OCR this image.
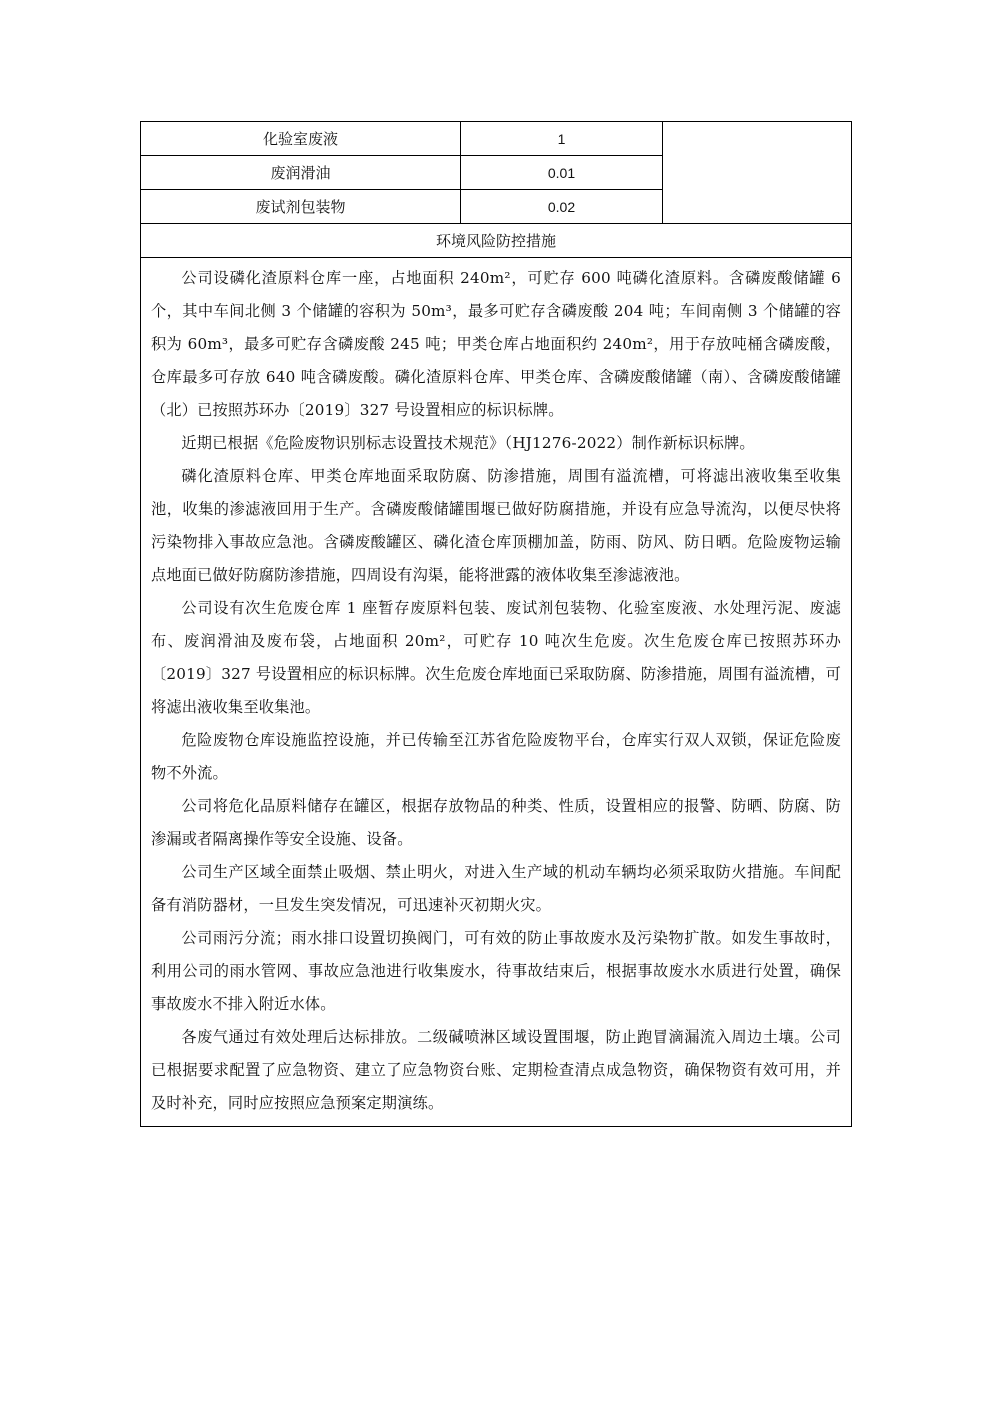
化验室废液	1
废润滑油	0.01
废试剂包装物	0.02
环境风险防控措施

公司设磷化渣原料仓库一座，占地面积 240m²，可贮存 600 吨磷化渣原料。含磷废酸储罐 6 个，其中车间北侧 3 个储罐的容积为 50m³，最多可贮存含磷废酸 204 吨；车间南侧 3 个储罐的容积为 60m³，最多可贮存含磷废酸 245 吨；甲类仓库占地面积约 240m²，用于存放吨桶含磷废酸，仓库最多可存放 640 吨含磷废酸。磷化渣原料仓库、甲类仓库、含磷废酸储罐（南）、含磷废酸储罐（北）已按照苏环办〔2019〕327 号设置相应的标识标牌。

近期已根据《危险废物识别标志设置技术规范》（HJ1276-2022）制作新标识标牌。

磷化渣原料仓库、甲类仓库地面采取防腐、防渗措施，周围有溢流槽，可将滤出液收集至收集池，收集的渗滤液回用于生产。含磷废酸储罐围堰已做好防腐措施，并设有应急导流沟，以便尽快将污染物排入事故应急池。含磷废酸罐区、磷化渣仓库顶棚加盖，防雨、防风、防日晒。危险废物运输点地面已做好防腐防渗措施，四周设有沟渠，能将泄露的液体收集至渗滤液池。

公司设有次生危废仓库 1 座暂存废原料包装、废试剂包装物、化验室废液、水处理污泥、废滤布、废润滑油及废布袋，占地面积 20m²，可贮存 10 吨次生危废。次生危废仓库已按照苏环办〔2019〕327 号设置相应的标识标牌。次生危废仓库地面已采取防腐、防渗措施，周围有溢流槽，可将滤出液收集至收集池。

危险废物仓库设施监控设施，并已传输至江苏省危险废物平台，仓库实行双人双锁，保证危险废物不外流。

公司将危化品原料储存在罐区，根据存放物品的种类、性质，设置相应的报警、防晒、防腐、防渗漏或者隔离操作等安全设施、设备。

公司生产区域全面禁止吸烟、禁止明火，对进入生产域的机动车辆均必须采取防火措施。车间配备有消防器材，一旦发生突发情况，可迅速补灭初期火灾。

公司雨污分流；雨水排口设置切换阀门，可有效的防止事故废水及污染物扩散。如发生事故时，利用公司的雨水管网、事故应急池进行收集废水，待事故结束后，根据事故废水水质进行处置，确保事故废水不排入附近水体。

各废气通过有效处理后达标排放。二级碱喷淋区域设置围堰，防止跑冒滴漏流入周边土壤。公司已根据要求配置了应急物资、建立了应急物资台账、定期检查清点成急物资，确保物资有效可用，并及时补充，同时应按照应急预案定期演练。
